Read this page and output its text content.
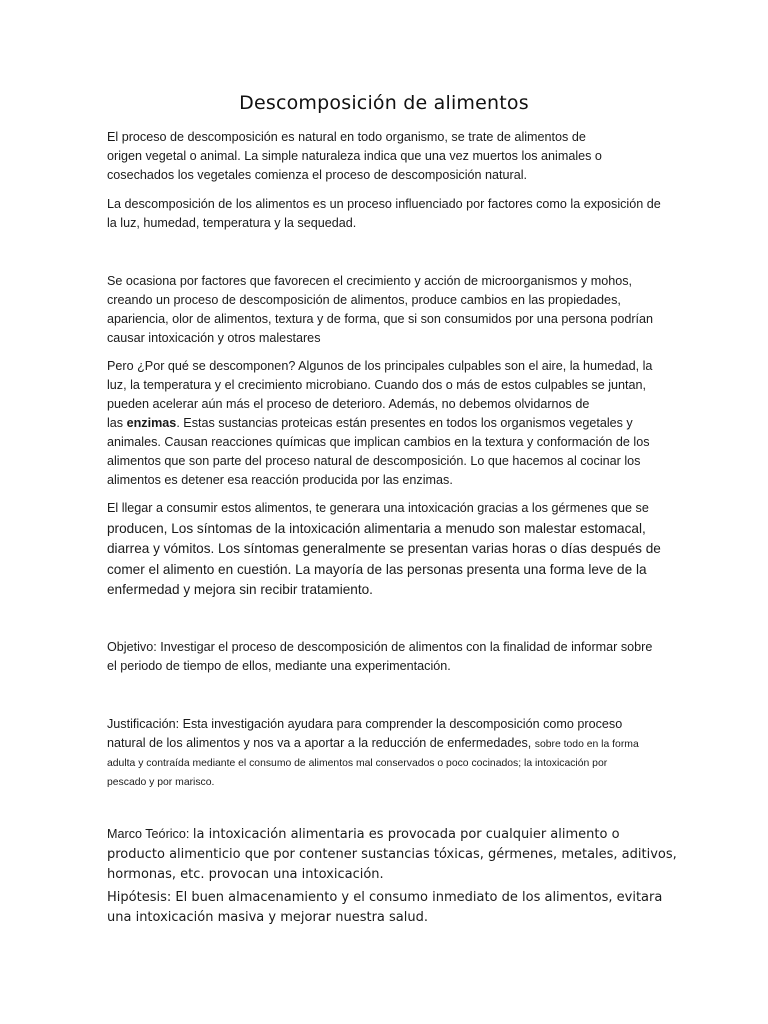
Descomposición de alimentos
El proceso de descomposición es natural en todo organismo, se trate de alimentos de
origen vegetal o animal. La simple naturaleza indica que una vez muertos los animales o
cosechados los vegetales comienza el proceso de descomposición natural.
La descomposición de los alimentos es un proceso influenciado por factores como la exposición de
la luz, humedad, temperatura y la sequedad.
Se ocasiona por factores que favorecen el crecimiento y acción de microorganismos y mohos,
creando un proceso de descomposición de alimentos, produce cambios en las propiedades,
apariencia, olor de alimentos, textura y de forma, que si son consumidos por una persona podrían
causar intoxicación y otros malestares
Pero ¿Por qué se descomponen? Algunos de los principales culpables son el aire, la humedad, la
luz, la temperatura y el crecimiento microbiano. Cuando dos o más de estos culpables se juntan,
pueden acelerar aún más el proceso de deterioro. Además, no debemos olvidarnos de
las enzimas. Estas sustancias proteicas están presentes en todos los organismos vegetales y
animales. Causan reacciones químicas que implican cambios en la textura y conformación de los
alimentos que son parte del proceso natural de descomposición. Lo que hacemos al cocinar los
alimentos es detener esa reacción producida por las enzimas.
El llegar a consumir estos alimentos, te generara una intoxicación gracias a los gérmenes que se
producen, Los síntomas de la intoxicación alimentaria a menudo son malestar estomacal,
diarrea y vómitos. Los síntomas generalmente se presentan varias horas o días después de
comer el alimento en cuestión. La mayoría de las personas presenta una forma leve de la
enfermedad y mejora sin recibir tratamiento.
Objetivo: Investigar el proceso de descomposición de alimentos con la finalidad de informar sobre
el periodo de tiempo de ellos, mediante una experimentación.
Justificación: Esta investigación ayudara para comprender la descomposición como proceso
natural de los alimentos y nos va a aportar a la reducción de enfermedades, sobre todo en la forma
adulta y contraída mediante el consumo de alimentos mal conservados o poco cocinados; la intoxicación por
pescado y por marisco.
Marco Teórico: la intoxicación alimentaria es provocada por cualquier alimento o
producto alimenticio que por contener sustancias tóxicas, gérmenes, metales, aditivos,
hormonas, etc. provocan una intoxicación.
Hipótesis: El buen almacenamiento y el consumo inmediato de los alimentos, evitara
una intoxicación masiva y mejorar nuestra salud.
